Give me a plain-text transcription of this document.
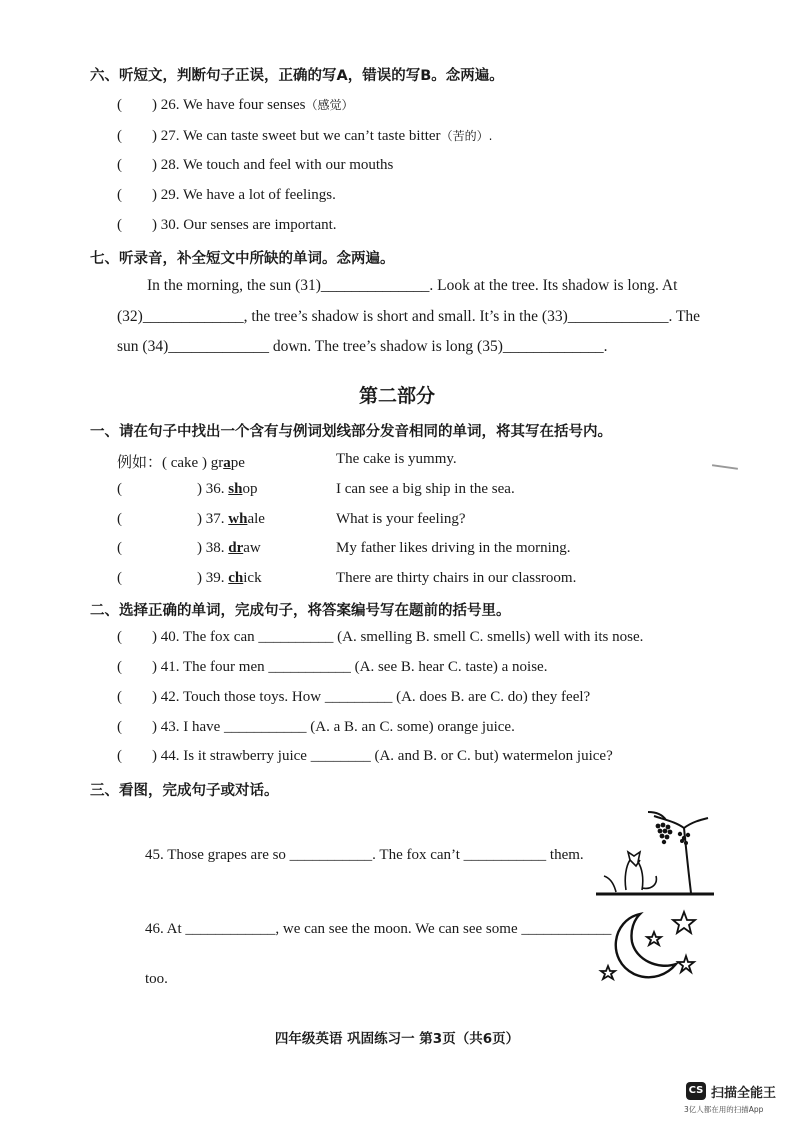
六、听短文，判断句子正误，正确的写A，错误的写B。念两遍。
(        ) 26. We have four senses（感觉）
(        ) 27. We can taste sweet but we can’t taste bitter（苦的）.
(        ) 28. We touch and feel with our mouths
(        ) 29. We have a lot of feelings.
(        ) 30. Our senses are important.
七、听录音，补全短文中所缺的单词。念两遍。
In the morning, the sun (31)______________. Look at the tree. Its shadow is long. At
(32)_____________, the tree’s shadow is short and small. It’s in the (33)_____________. The
sun (34)_____________ down. The tree’s shadow is long (35)_____________.
第二部分
一、请在句子中找出一个含有与例词划线部分发音相同的单词，将其写在括号内。
例如：( cake ) grape	The cake is yummy.
(                    ) 36. shop	I can see a big ship in the sea.
(                    ) 37. whale	What is your feeling?
(                    ) 38. draw	My father likes driving in the morning.
(                    ) 39. chick	There are thirty chairs in our classroom.
二、选择正确的单词，完成句子，将答案编号写在题前的括号里。
(        ) 40. The fox can __________ (A. smelling B. smell C. smells) well with its nose.
(        ) 41. The four men ___________ (A. see B. hear C. taste) a noise.
(        ) 42. Touch those toys. How _________ (A. does B. are C. do) they feel?
(        ) 43. I have ___________ (A. a B. an C. some) orange juice.
(        ) 44. Is it strawberry juice ________ (A. and B. or C. but) watermelon juice?
三、看图，完成句子或对话。
45. Those grapes are so ___________. The fox can’t ___________ them.
46. At ____________, we can see the moon. We can see some ____________
too.
四年级英语 巩固练习一 第3页（共6页）
CS 扫描全能王
3亿人都在用的扫描App
